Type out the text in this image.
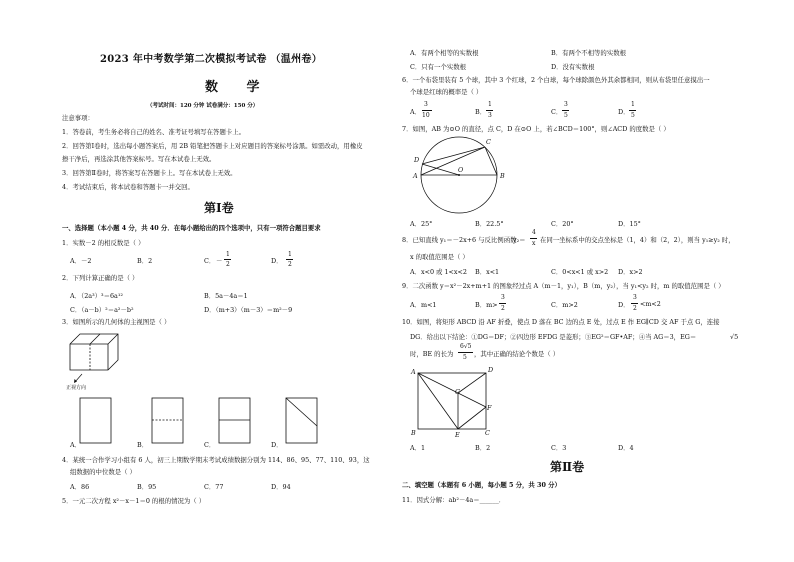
2023 年中考数学第二次模拟考试卷 （温州卷）
数 学
（考试时间：120 分钟 试卷满分：150 分）
注意事项：
1．答卷前，考生务必将自己的姓名、准考证号填写在答题卡上。
2．回答第Ⅰ卷时，选出每小题答案后，用 2B 铅笔把答题卡上对应题目的答案标号涂黑。如需改动，用橡皮
擦干净后，再选涂其他答案标号。写在本试卷上无效。
3．回答第Ⅱ卷时，将答案写在答题卡上。写在本试卷上无效。
4．考试结束后，将本试卷和答题卡一并交回。
第Ⅰ卷
一、选择题（本小题 4 分，共 40 分．在每小题给出的四个选项中，只有一项符合题目要求
1．实数－2 的相反数是（ ）
A．－2	B．2	C． －
1
2	D．
1
2
2．下列计算正确的是（ ）
A．（2a³）³＝6a¹²	B．5a－4a＝1
C．（a－b）²＝a²－b²	D．（m+3）（m－3）＝m²－9
3．如图所示的几何体的主视图是（ ）
正视方向
A．	B．	C．	D．
4．某统一合作学习小组有 6 人，初三上期数学期末考试成绩数据分别为 114、86、95、77、110、93，这
组数据的中位数是（ ）
A．86	B．95	C．77	D．94
5．一元二次方程 x²－x－1＝0 的根的情况为（ ）
A．有两个相等的实数根	B．有两个不相等的实数根
C．只有一个实数根	D．没有实数根
6．一个布袋里装有 5 个球，其中 3 个红球，2 个白球，每个球除颜色外其余都相同，则从布袋里任意摸出一
个球是红球的概率是（ ）
A．
3
10	B．
1
3	C．
3
5	D．
1
5
7．如图，AB 为⊙O 的直径，点 C，D 在⊙O 上，若∠BCD＝100°，则∠ACD 的度数是（ ）
D
C
A
O
B
A．25°	B．22.5°	C．20°	D．15°
8．已知直线 y₁＝－2x+6 与反比例函数
y₂＝
4
x 在同一坐标系中的交点坐标是（1，4）和（2，2），则当 y₁≥y₂ 时，
x 的取值范围是（ ）
A．x<0 或 1<x<2 B．x<1	C．0<x<1 或 x>2 D．x>2
9．二次函数 y＝x²－2x+m+1 的图象经过点 A（m－1，y₁），B（m，y₂），当 y₁<y₂ 时，m 的取值范围是（ ）
A．m<1	B．m>
3
2	C．m>2	D．
3
2
<m<2
10．如图，将矩形 ABCD 沿 AF 折叠，使点 D 落在 BC 边的点 E 处，过点 E 作 EG∥CD 交 AF 于点 G，连接
DG．给出以下结论：①DG＝DF；②四边形 EFDG 是菱形；③EG²＝GF•AF；④当 AG＝3，EG＝	√5
时，BE 的长为
6√5
5 ，其中正确的结论个数是（ ）
A	D
G
F
B	E	C
A．1	B．2	C．3	D．4
第Ⅱ卷
二、填空题（本题有 6 小题，每小题 5 分，共 30 分）
11．因式分解：ab²－4a＝______．
